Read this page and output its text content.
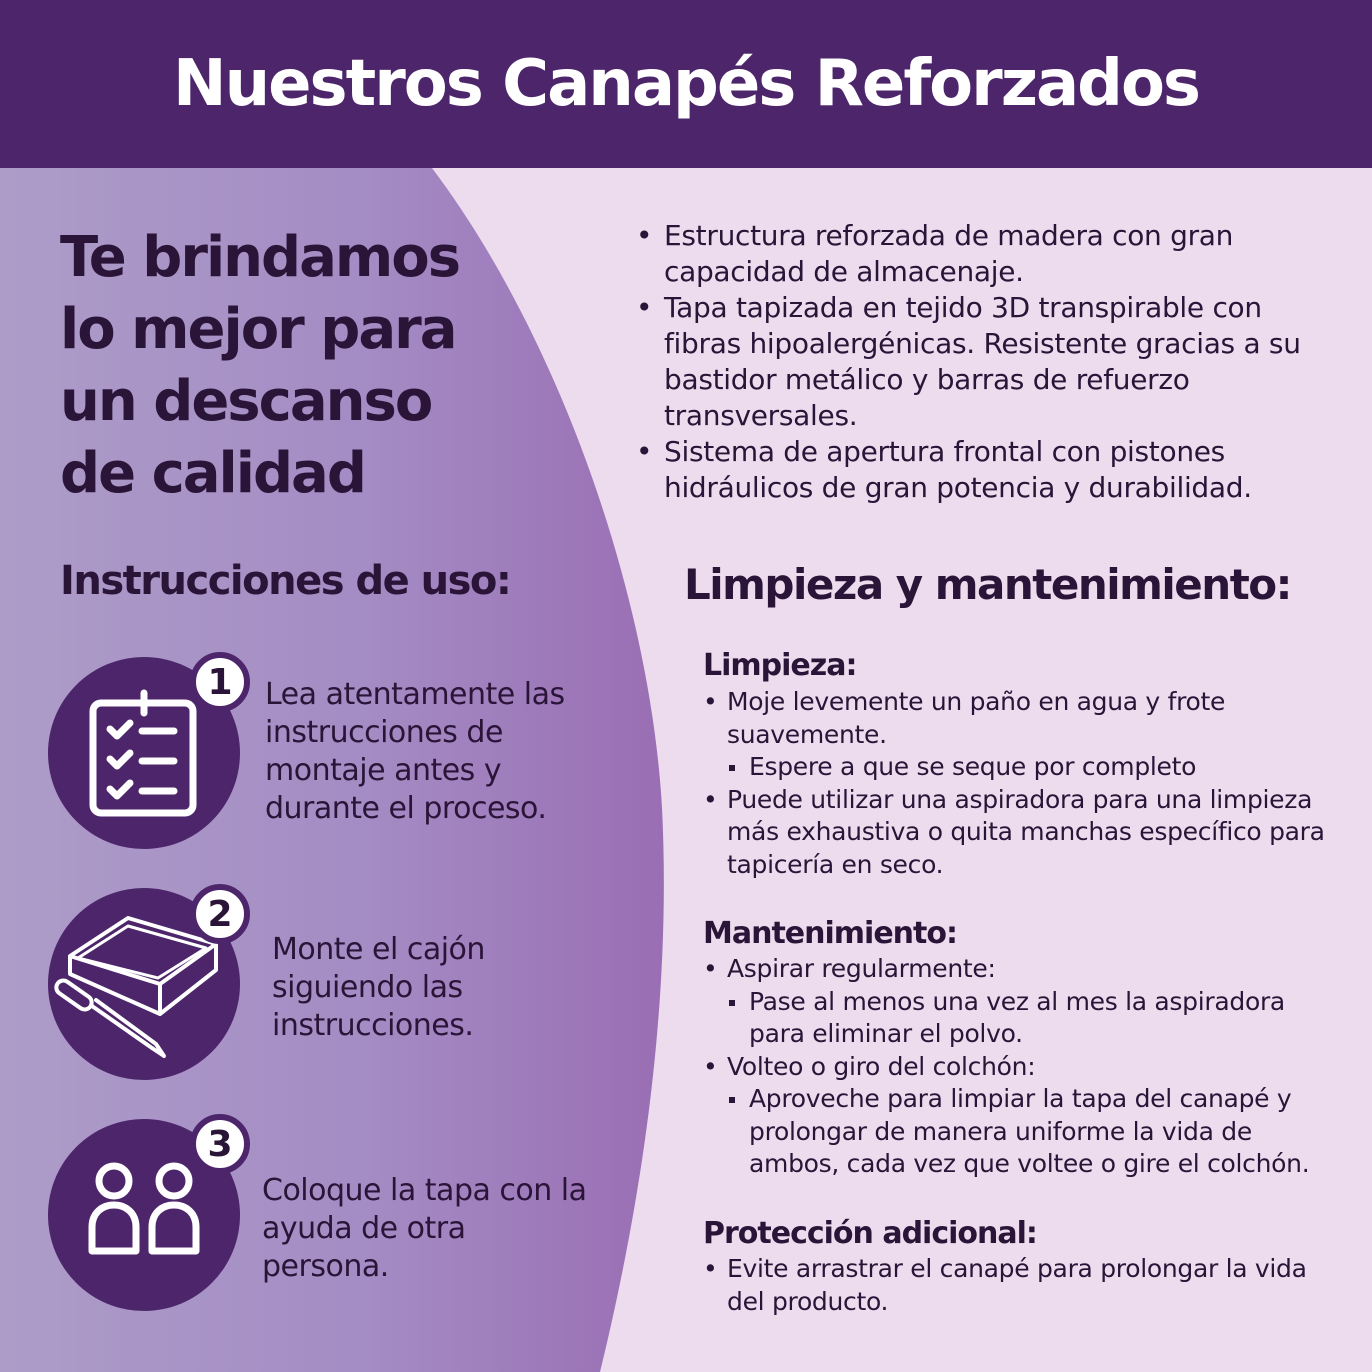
Nuestros Canapés Reforzados
Te brindamos
lo mejor para
un descanso
de calidad
Instrucciones de uso:
1	Lea atentamente las instrucciones de montaje antes y durante el proceso.

2

Monte el cajón siguiendo las instrucciones.

3

Coloque la tapa con la ayuda de otra persona.

• Estructura reforzada de madera con gran capacidad de almacenaje.
• Tapa tapizada en tejido 3D transpirable con fibras hipoalergénicas. Resistente gracias a su bastidor metálico y barras de refuerzo transversales.
• Sistema de apertura frontal con pistones hidráulicos de gran potencia y durabilidad.
Limpieza y mantenimiento:
Limpieza:
• Moje levemente un paño en agua y frote suavemente.
Espere a que se seque por completo
• Puede utilizar una aspiradora para una limpieza más exhaustiva o quita manchas específico para tapicería en seco.
Mantenimiento:
• Aspirar regularmente:
Pase al menos una vez al mes la aspiradora para eliminar el polvo.
• Volteo o giro del colchón:
Aproveche para limpiar la tapa del canapé y prolongar de manera uniforme la vida de ambos, cada vez que voltee o gire el colchón.
Protección adicional:
• Evite arrastrar el canapé para prolongar la vida del producto.
